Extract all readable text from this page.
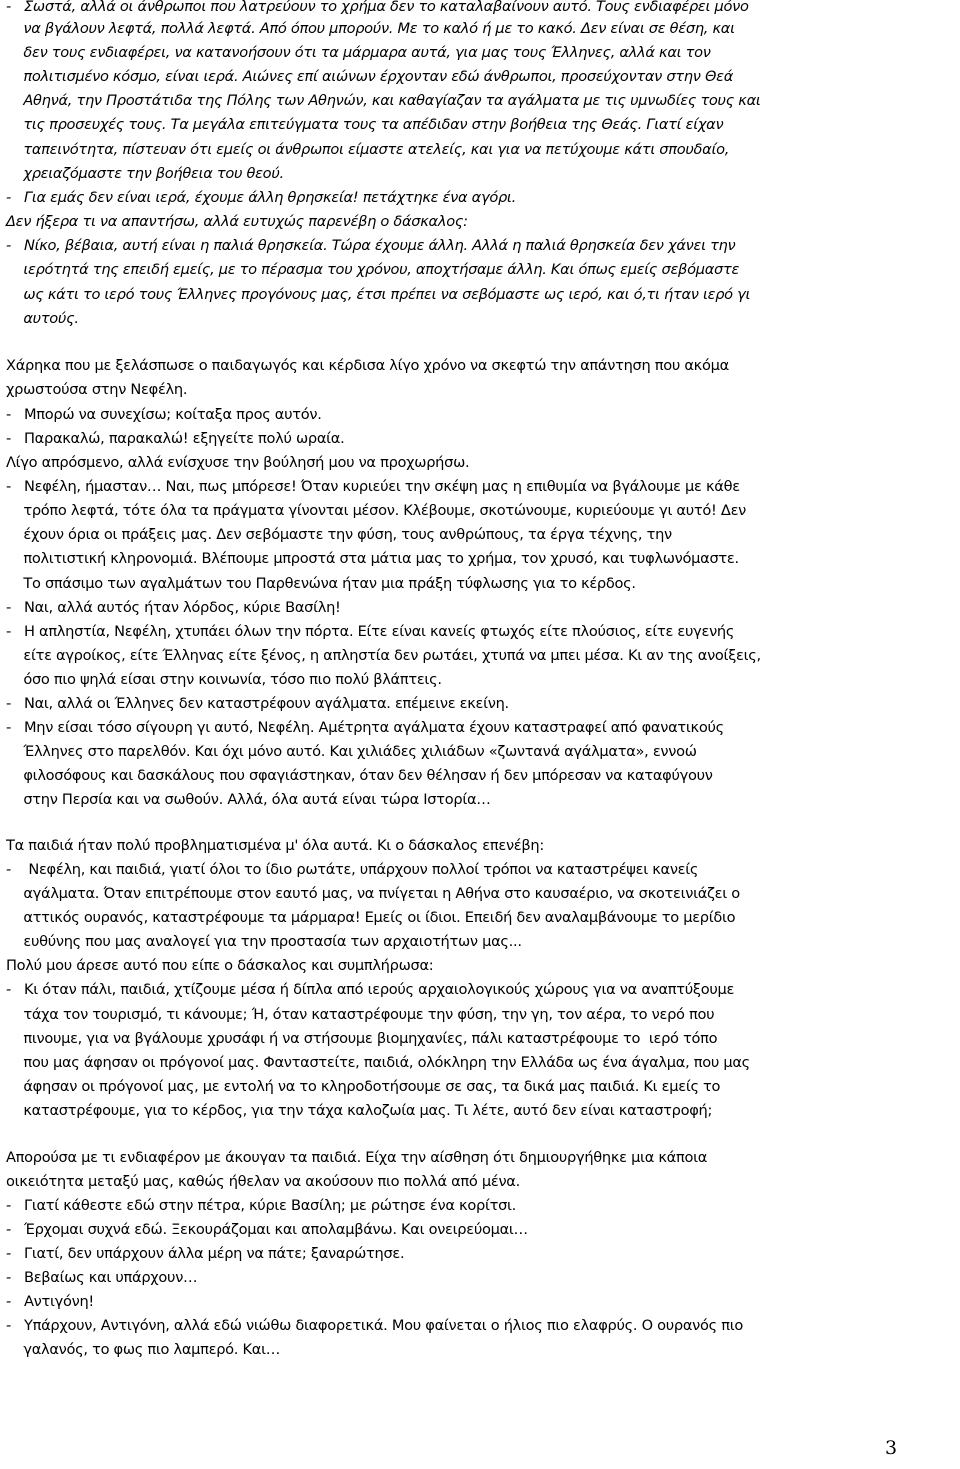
-   Σωστά, αλλά οι άνθρωποι που λατρεύουν το χρήμα δεν το καταλαβαίνουν αυτό. Τους ενδιαφέρει μόνο
να βγάλουν λεφτά, πολλά λεφτά. Από όπου μπορούν. Με το καλό ή με το κακό. Δεν είναι σε θέση, και
δεν τους ενδιαφέρει, να κατανοήσουν ότι τα μάρμαρα αυτά, για μας τους Έλληνες, αλλά και τον
πολιτισμένο κόσμο, είναι ιερά. Αιώνες επί αιώνων έρχονταν εδώ άνθρωποι, προσεύχονταν στην Θεά
Αθηνά, την Προστάτιδα της Πόλης των Αθηνών, και καθαγίαζαν τα αγάλματα με τις υμνωδίες τους και
τις προσευχές τους. Τα μεγάλα επιτεύγματα τους τα απέδιδαν στην βοήθεια της Θεάς. Γιατί είχαν
ταπεινότητα, πίστευαν ότι εμείς οι άνθρωποι είμαστε ατελείς, και για να πετύχουμε κάτι σπουδαίο,
χρειαζόμαστε την βοήθεια του θεού.
-   Για εμάς δεν είναι ιερά, έχουμε άλλη θρησκεία! πετάχτηκε ένα αγόρι.
Δεν ήξερα τι να απαντήσω, αλλά ευτυχώς παρενέβη ο δάσκαλος:
-   Νίκο, βέβαια, αυτή είναι η παλιά θρησκεία. Τώρα έχουμε άλλη. Αλλά η παλιά θρησκεία δεν χάνει την
ιερότητά της επειδή εμείς, με το πέρασμα του χρόνου, αποχτήσαμε άλλη. Και όπως εμείς σεβόμαστε
ως κάτι το ιερό τους Έλληνες προγόνους μας, έτσι πρέπει να σεβόμαστε ως ιερό, και ό,τι ήταν ιερό γι
αυτούς.
Χάρηκα που με ξελάσπωσε ο παιδαγωγός και κέρδισα λίγο χρόνο να σκεφτώ την απάντηση που ακόμα
χρωστούσα στην Νεφέλη.
-   Μπορώ να συνεχίσω; κοίταξα προς αυτόν.
-   Παρακαλώ, παρακαλώ! εξηγείτε πολύ ωραία.
Λίγο απρόσμενο, αλλά ενίσχυσε την βούλησή μου να προχωρήσω.
-   Νεφέλη, ήμασταν… Ναι, πως μπόρεσε! Όταν κυριεύει την σκέψη μας η επιθυμία να βγάλουμε με κάθε
τρόπο λεφτά, τότε όλα τα πράγματα γίνονται μέσον. Κλέβουμε, σκοτώνουμε, κυριεύουμε γι αυτό! Δεν
έχουν όρια οι πράξεις μας. Δεν σεβόμαστε την φύση, τους ανθρώπους, τα έργα τέχνης, την
πολιτιστική κληρονομιά. Βλέπουμε μπροστά στα μάτια μας το χρήμα, τον χρυσό, και τυφλωνόμαστε.
Το σπάσιμο των αγαλμάτων του Παρθενώνα ήταν μια πράξη τύφλωσης για το κέρδος.
-   Ναι, αλλά αυτός ήταν λόρδος, κύριε Βασίλη!
-   Η απληστία, Νεφέλη, χτυπάει όλων την πόρτα. Είτε είναι κανείς φτωχός είτε πλούσιος, είτε ευγενής
είτε αγροίκος, είτε Έλληνας είτε ξένος, η απληστία δεν ρωτάει, χτυπά να μπει μέσα. Κι αν της ανοίξεις,
όσο πιο ψηλά είσαι στην κοινωνία, τόσο πιο πολύ βλάπτεις.
-   Ναι, αλλά οι Έλληνες δεν καταστρέφουν αγάλματα. επέμεινε εκείνη.
-   Μην είσαι τόσο σίγουρη γι αυτό, Νεφέλη. Αμέτρητα αγάλματα έχουν καταστραφεί από φανατικούς
Έλληνες στο παρελθόν. Και όχι μόνο αυτό. Και χιλιάδες χιλιάδων «ζωντανά αγάλματα», εννοώ
φιλοσόφους και δασκάλους που σφαγιάστηκαν, όταν δεν θέλησαν ή δεν μπόρεσαν να καταφύγουν
στην Περσία και να σωθούν. Αλλά, όλα αυτά είναι τώρα Ιστορία…
Τα παιδιά ήταν πολύ προβληματισμένα μ' όλα αυτά. Κι ο δάσκαλος επενέβη:
-    Νεφέλη, και παιδιά, γιατί όλοι το ίδιο ρωτάτε, υπάρχουν πολλοί τρόποι να καταστρέψει κανείς
αγάλματα. Όταν επιτρέπουμε στον εαυτό μας, να πνίγεται η Αθήνα στο καυσαέριο, να σκοτεινιάζει ο
αττικός ουρανός, καταστρέφουμε τα μάρμαρα! Εμείς οι ίδιοι. Επειδή δεν αναλαμβάνουμε το μερίδιο
ευθύνης που μας αναλογεί για την προστασία των αρχαιοτήτων μας...
Πολύ μου άρεσε αυτό που είπε ο δάσκαλος και συμπλήρωσα:
-   Κι όταν πάλι, παιδιά, χτίζουμε μέσα ή δίπλα από ιερούς αρχαιολογικούς χώρους για να αναπτύξουμε
τάχα τον τουρισμό, τι κάνουμε; Ή, όταν καταστρέφουμε την φύση, την γη, τον αέρα, το νερό που
πινουμε, για να βγάλουμε χρυσάφι ή να στήσουμε βιομηχανίες, πάλι καταστρέφουμε το  ιερό τόπο
που μας άφησαν οι πρόγονοί μας. Φανταστείτε, παιδιά, ολόκληρη την Ελλάδα ως ένα άγαλμα, που μας
άφησαν οι πρόγονοί μας, με εντολή να το κληροδοτήσουμε σε σας, τα δικά μας παιδιά. Κι εμείς το
καταστρέφουμε, για το κέρδος, για την τάχα καλοζωία μας. Τι λέτε, αυτό δεν είναι καταστροφή;
Απορούσα με τι ενδιαφέρον με άκουγαν τα παιδιά. Είχα την αίσθηση ότι δημιουργήθηκε μια κάποια
οικειότητα μεταξύ μας, καθώς ήθελαν να ακούσουν πιο πολλά από μένα.
-   Γιατί κάθεστε εδώ στην πέτρα, κύριε Βασίλη; με ρώτησε ένα κορίτσι.
-   Έρχομαι συχνά εδώ. Ξεκουράζομαι και απολαμβάνω. Και ονειρεύομαι…
-   Γιατί, δεν υπάρχουν άλλα μέρη να πάτε; ξαναρώτησε.
-   Βεβαίως και υπάρχουν…
-   Αντιγόνη!
-   Υπάρχουν, Αντιγόνη, αλλά εδώ νιώθω διαφορετικά. Μου φαίνεται ο ήλιος πιο ελαφρύς. Ο ουρανός πιο
γαλανός, το φως πιο λαμπερό. Και…
3
